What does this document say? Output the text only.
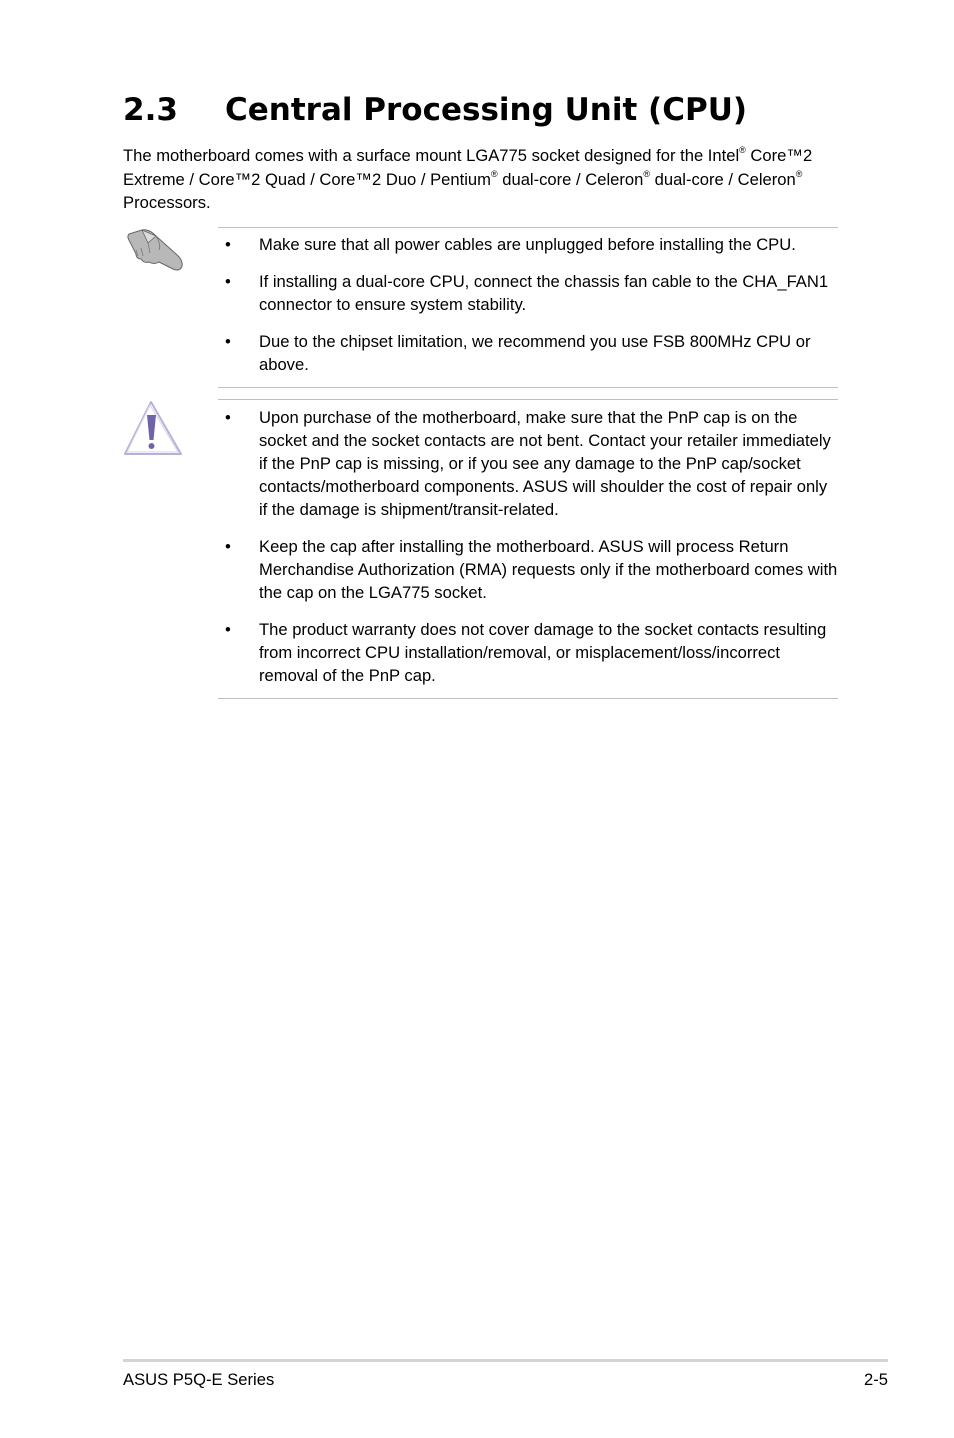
2.3 Central Processing Unit (CPU)

The motherboard comes with a surface mount LGA775 socket designed for the Intel® Core™2 Extreme / Core™2 Quad / Core™2 Duo / Pentium® dual-core / Celeron® dual-core / Celeron® Processors.

• Make sure that all power cables are unplugged before installing the CPU.
• If installing a dual-core CPU, connect the chassis fan cable to the CHA_FAN1 connector to ensure system stability.
• Due to the chipset limitation, we recommend you use FSB 800MHz CPU or above.
• Upon purchase of the motherboard, make sure that the PnP cap is on the socket and the socket contacts are not bent. Contact your retailer immediately if the PnP cap is missing, or if you see any damage to the PnP cap/socket contacts/motherboard components. ASUS will shoulder the cost of repair only if the damage is shipment/transit-related.
• Keep the cap after installing the motherboard. ASUS will process Return Merchandise Authorization (RMA) requests only if the motherboard comes with the cap on the LGA775 socket.
• The product warranty does not cover damage to the socket contacts resulting from incorrect CPU installation/removal, or misplacement/loss/incorrect removal of the PnP cap.
ASUS P5Q-E Series	2-5
